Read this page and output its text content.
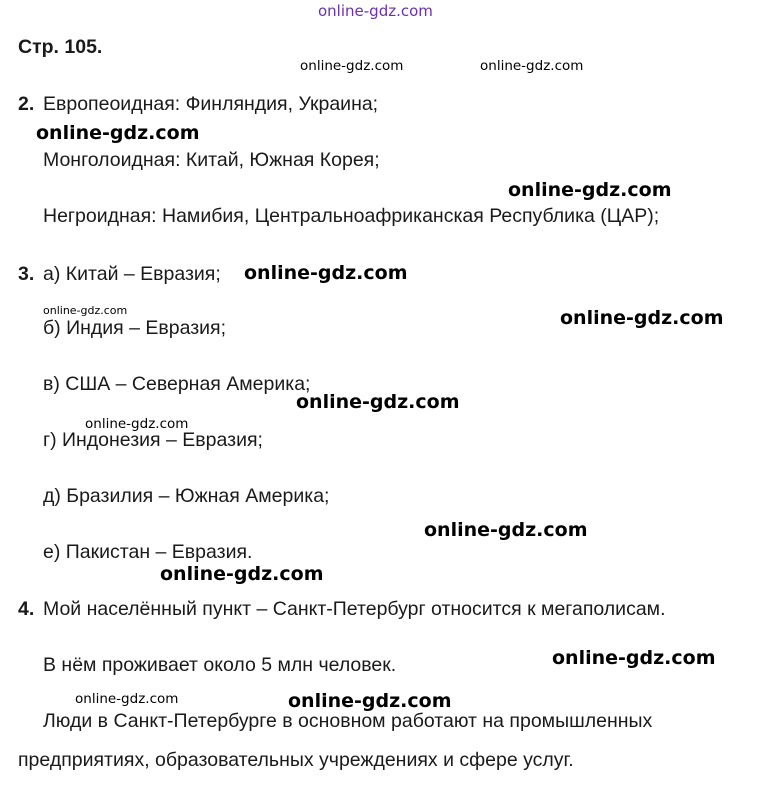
online-gdz.com
online-gdz.com	online-gdz.com
online-gdz.com
online-gdz.com
online-gdz.com
online-gdz.com	online-gdz.com
online-gdz.com
online-gdz.com
online-gdz.com
online-gdz.com
online-gdz.com
online-gdz.com	online-gdz.com
Стр. 105.
2. Европеоидная: Финляндия, Украина;
Монголоидная: Китай, Южная Корея;
Негроидная: Намибия, Центральноафриканская Республика (ЦАР);
3. а) Китай – Евразия;
б) Индия – Евразия;
в) США – Северная Америка;
г) Индонезия – Евразия;
д) Бразилия – Южная Америка;
е) Пакистан – Евразия.
4. Мой населённый пункт – Санкт-Петербург относится к мегаполисам.
В нём проживает около 5 млн человек.
Люди в Санкт-Петербурге в основном работают на промышленных
предприятиях, образовательных учреждениях и сфере услуг.
